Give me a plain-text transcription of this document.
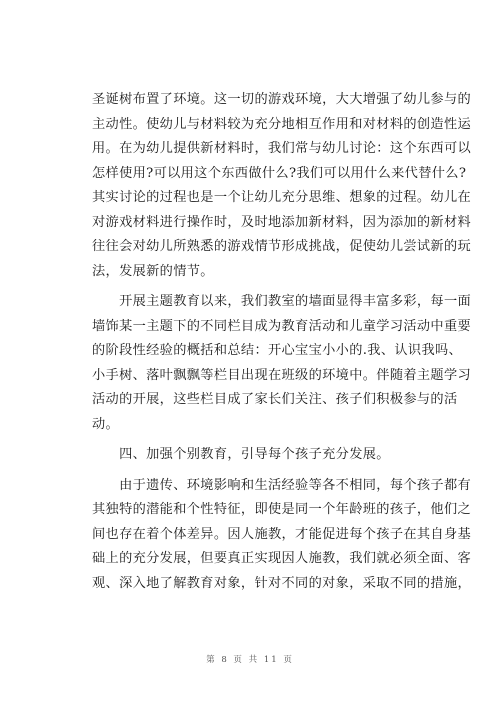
圣诞树布置了环境。这一切的游戏环境，大大增强了幼儿参与的
主动性。使幼儿与材料较为充分地相互作用和对材料的创造性运
用。在为幼儿提供新材料时，我们常与幼儿讨论：这个东西可以
怎样使用?可以用这个东西做什么?我们可以用什么来代替什么?
其实讨论的过程也是一个让幼儿充分思维、想象的过程。幼儿在
对游戏材料进行操作时，及时地添加新材料，因为添加的新材料
往往会对幼儿所熟悉的游戏情节形成挑战，促使幼儿尝试新的玩
法，发展新的情节。
　　开展主题教育以来，我们教室的墙面显得丰富多彩，每一面
墙饰某一主题下的不同栏目成为教育活动和儿童学习活动中重要
的阶段性经验的概括和总结：开心宝宝小小的.我、认识我吗、
小手树、落叶飘飘等栏目出现在班级的环境中。伴随着主题学习
活动的开展，这些栏目成了家长们关注、孩子们积极参与的活
动。
　　四、加强个别教育，引导每个孩子充分发展。
　　由于遗传、环境影响和生活经验等各不相同，每个孩子都有
其独特的潜能和个性特征，即使是同一个年龄班的孩子，他们之
间也存在着个体差异。因人施教，才能促进每个孩子在其自身基
础上的充分发展，但要真正实现因人施教，我们就必须全面、客
观、深入地了解教育对象，针对不同的对象，采取不同的措施，
第 8 页 共 11 页
